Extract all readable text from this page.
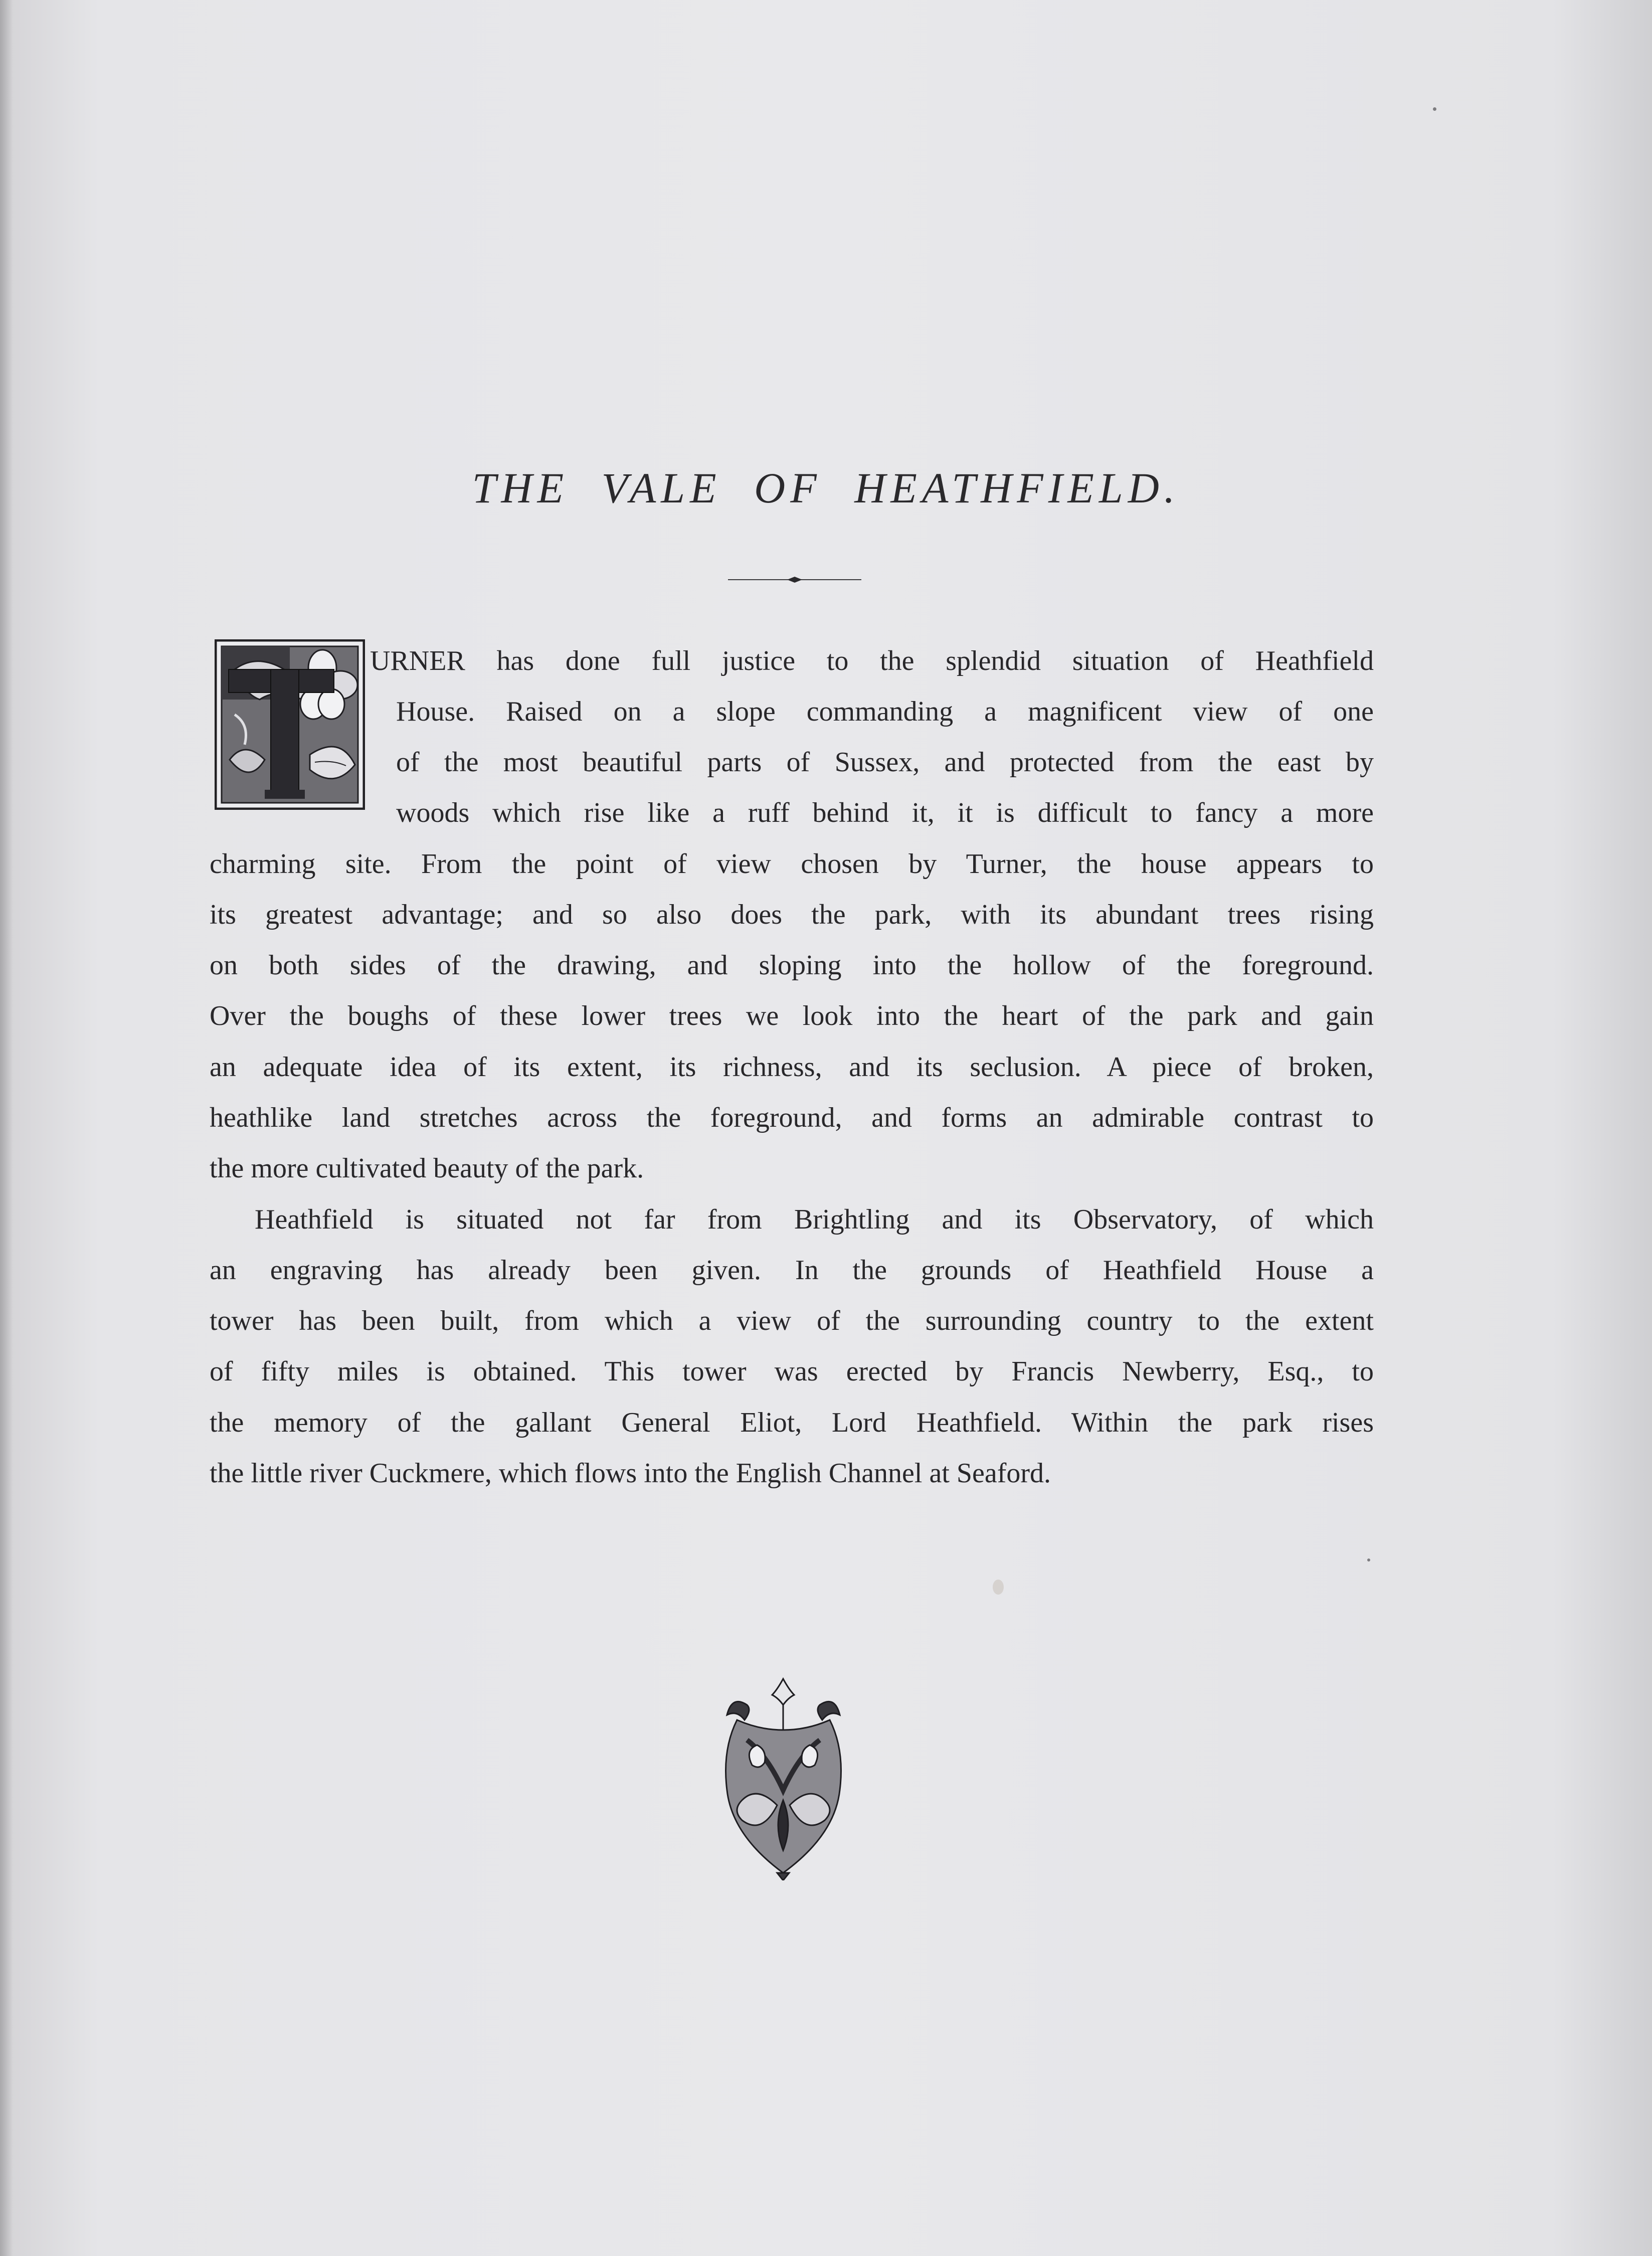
THE VALE OF HEATHFIELD.
URNER has done full justice to the splendid situation of Heathfield
House. Raised on a slope commanding a magnificent view of one
of the most beautiful parts of Sussex, and protected from the east by
woods which rise like a ruff behind it, it is difficult to fancy a more
charming site. From the point of view chosen by Turner, the house appears to
its greatest advantage; and so also does the park, with its abundant trees rising
on both sides of the drawing, and sloping into the hollow of the foreground.
Over the boughs of these lower trees we look into the heart of the park and gain
an adequate idea of its extent, its richness, and its seclusion. A piece of broken,
heathlike land stretches across the foreground, and forms an admirable contrast to
the more cultivated beauty of the park.
Heathfield is situated not far from Brightling and its Observatory, of which
an engraving has already been given. In the grounds of Heathfield House a
tower has been built, from which a view of the surrounding country to the extent
of fifty miles is obtained. This tower was erected by Francis Newberry, Esq., to
the memory of the gallant General Eliot, Lord Heathfield. Within the park rises
the little river Cuckmere, which flows into the English Channel at Seaford.
